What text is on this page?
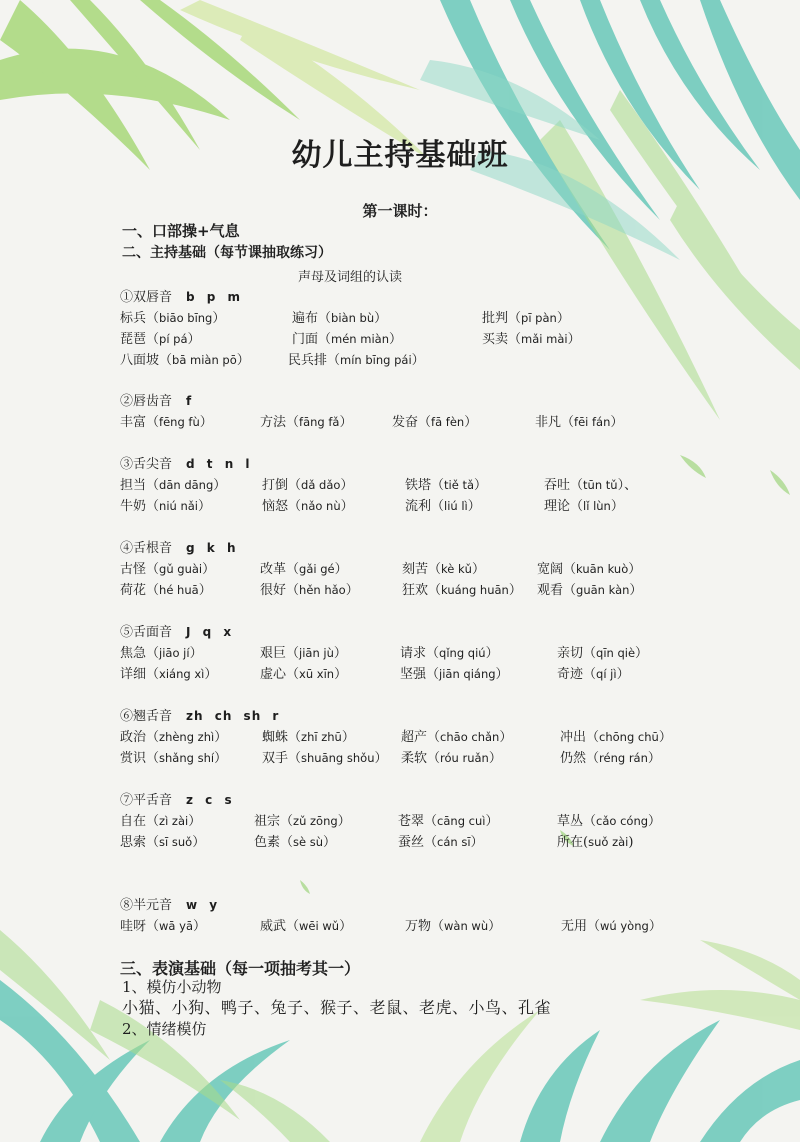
幼儿主持基础班
第一课时：
一、口部操+气息
二、主持基础（每节课抽取练习）
声母及词组的认读
①双唇音 b p m
标兵（biāo bīng）	遍布（biàn bù）	批判（pī pàn）
琵琶（pí pá）	门面（mén miàn）	买卖（mǎi mài）
八面坡（bā miàn pō）	民兵排（mín bīng pái）
②唇齿音 f
丰富（fēng fù）	方法（fāng fǎ）	发奋（fā fèn）	非凡（fēi fán）
③舌尖音 d t n l
担当（dān dāng）	打倒（dǎ dǎo）	铁塔（tiě tǎ）	吞吐（tūn tǔ）、
牛奶（niú nǎi）	恼怒（nǎo nù）	流利（liú lì）	理论（lǐ lùn）
④舌根音 g k h
古怪（gǔ guài）	改革（gǎi gé）	刻苦（kè kǔ）	宽阔（kuān kuò）
荷花（hé huā）	很好（hěn hǎo）	狂欢（kuáng huān） 观看（guān kàn）
⑤舌面音 J q x
焦急（jiāo jí）	艰巨（jiān jù）	请求（qǐng qiú）	亲切（qīn qiè）
详细（xiáng xì）	虚心（xū xīn）	坚强（jiān qiáng）	奇迹（qí jì）
⑥翘舌音 zh ch sh r
政治（zhèng zhì）	蜘蛛（zhī zhū）	超产（chāo chǎn）	冲出（chōng chū）
赏识（shǎng shí）	双手（shuāng shǒu） 柔软（róu ruǎn）	仍然（réng rán）
⑦平舌音 z c s
自在（zì zài）	祖宗（zǔ zōng）	苍翠（cāng cuì）	草丛（cǎo cóng）
思索（sī suǒ）	色素（sè sù）	蚕丝（cán sī）	所在(suǒ zài)
⑧半元音 w y
哇呀（wā yā）	威武（wēi wǔ）	万物（wàn wù）	无用（wú yòng）
三、表演基础（每一项抽考其一）
1、模仿小动物
小猫、小狗、鸭子、兔子、猴子、老鼠、老虎、小鸟、孔雀
2、情绪模仿
